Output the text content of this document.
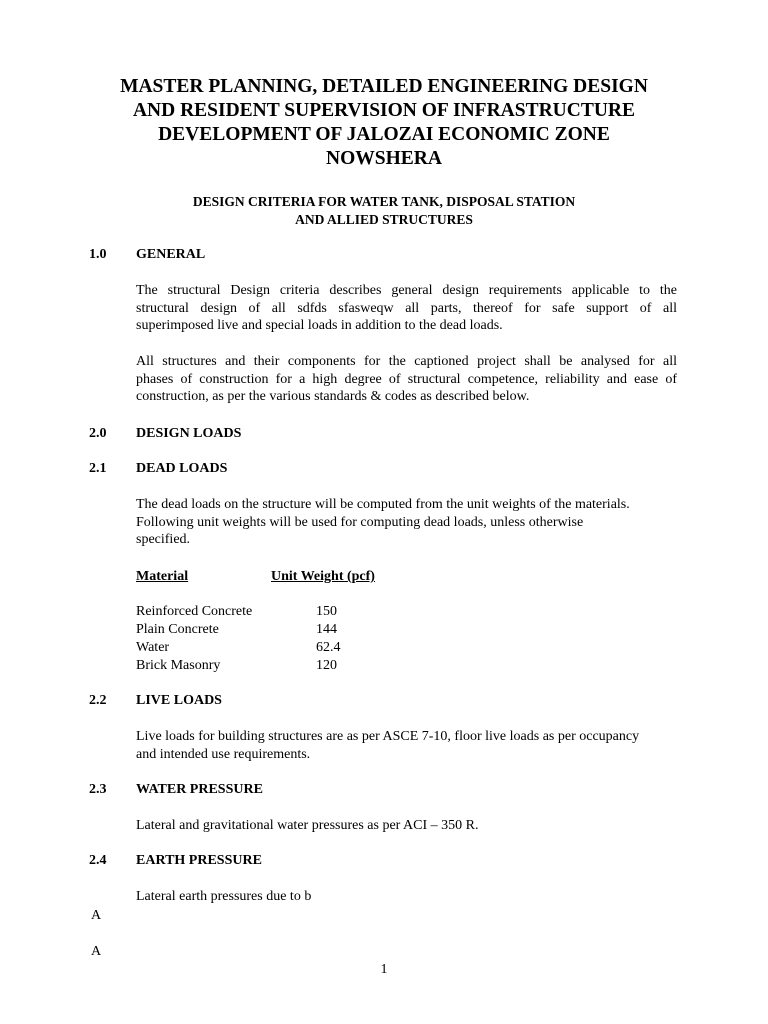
MASTER PLANNING, DETAILED ENGINEERING DESIGN
AND RESIDENT SUPERVISION OF INFRASTRUCTURE
DEVELOPMENT OF JALOZAI ECONOMIC ZONE
NOWSHERA
DESIGN CRITERIA FOR WATER TANK, DISPOSAL STATION
AND ALLIED STRUCTURES
1.0 GENERAL
The structural Design criteria describes general design requirements applicable to the
structural design of all sdfds sfasweqw all parts, thereof for safe support of all
superimposed live and special loads in addition to the dead loads.
All structures and their components for the captioned project shall be analysed for all
phases of construction for a high degree of structural competence, reliability and ease of
construction, as per the various standards & codes as described below.
2.0 DESIGN LOADS
2.1 DEAD LOADS
The dead loads on the structure will be computed from the unit weights of the materials.
Following unit weights will be used for computing dead loads, unless otherwise
specified.
Material	Unit Weight (pcf)
Reinforced Concrete	150
Plain Concrete	144
Water	62.4
Brick Masonry	120
2.2 LIVE LOADS
Live loads for building structures are as per ASCE 7-10, floor live loads as per occupancy
and intended use requirements.
2.3 WATER PRESSURE
Lateral and gravitational water pressures as per ACI – 350 R.
2.4 EARTH PRESSURE
Lateral earth pressures due to b
A
A
1
